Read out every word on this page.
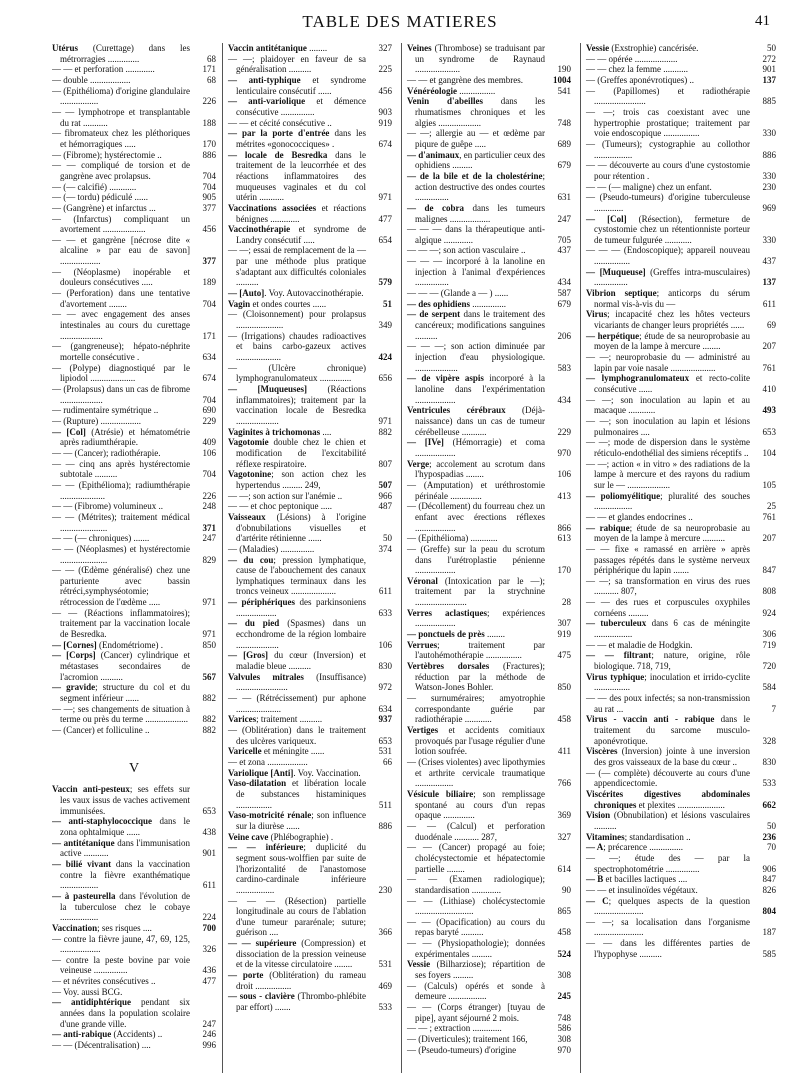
TABLE DES MATIERES	41
Utérus (Curettage) dans les métrorragies ..............	68
— — et perforation .............	171
— double ..................	68
— (Epithélioma) d'origine glandulaire .................	226
— — lymphotrope et transplantable du rat ...........	188
— fibromateux chez les pléthoriques et hémorragiques .....	170
— (Fibrome); hystérectomie ..	886
— — compliqué de torsion et de gangrène avec prolapsus.	704
— (— calcifié) ............	704
— (— tordu) pédiculé ......	905
— (Gangrène) et infarctus ...	377
— (Infarctus) compliquant un avortement ...................	456
— — et gangrène [nécrose dite « alcaline » par eau de savon] ..................	377
— (Néoplasme) inopérable et douleurs consécutives .....	189
— (Perforation) dans une tentative d'avortement ........	704
— — avec engagement des anses intestinales au cours du curettage ...................	171
— (gangreneuse); hépato-néphrite mortelle consécutive .	634
— (Polype) diagnostiqué par le lipiodol ....................	674
— (Prolapsus) dans un cas de fibrome ...................	704
— rudimentaire symétrique ..	690
— (Rupture) ..................	229
— [Col] (Atrésie) et hématométrie après radiumthérapie.	409
— — (Cancer); radiothérapie.	106
— — cinq ans après hystérectomie subtotale ..........	704
— — (Epithélioma); radiumthérapie ....................	226
— — (Fibrome) volumineux ..	248
— — (Métrites); traitement médical .....................	371
— — (— chroniques) .......	247
— — (Néoplasmes) et hystérectomie .....................	829
— — (Œdème généralisé) chez une parturiente avec bassin rétréci,symphyséotomie; rétrocession de l'œdème .....	971
— — (Réactions inflammatoires); traitement par la vaccination locale de Besredka.	971
— [Cornes] (Endométriome) .	850
— [Corps] (Cancer) cylindrique et métastases secondaires de l'acromion ..........	567
— gravide; structure du col et du segment inférieur ......	882
— —; ses changements de situation à terme ou près du terme ................... 882
— (Cancer) et folliculine ..	882
V
Vaccin anti-pesteux; ses effets sur les vaux issus de vaches activement immunisées.	653
— anti-staphylococcique dans le zona ophtalmique ......	438
— antitétanique dans l'immunisation active ...........	901
— bilié vivant dans la vaccination contre la fièvre exanthématique .................	611
— à pasteurella dans l'évolution de la tuberculose chez le cobaye .................	224
Vaccination; ses risques ....	700
— contre la fièvre jaune, 47, 69, 125, ..................	326
— contre la peste bovine par voie veineuse ...............	436
— et névrites consécutives ..	477
— Voy. aussi BCG.
— antidiphtérique pendant six années dans la population scolaire d'une grande ville.	247
— anti-rabique (Accidents) ..	246
— — (Décentralisation) ....	996
Vaccin antitétanique ........	327
— —; plaidoyer en faveur de sa généralisation ..........	225
— anti-typhique et syndrome lenticulaire consécutif ......	456
— anti-variolique et démence consécutive ...............	903
— — et cécité consécutive ..	919
— par la porte d'entrée dans les métrites «gonococciques» .	674
— locale de Besredka dans le traitement de la leucorrhée et des réactions inflammatoires des muqueuses vaginales et du col utérin ...........	971
Vaccinations associées et réactions bénignes .............	477
Vaccinothérapie et syndrome de Landry consécutif .....	654
— —; essai de remplacement de la — par une méthode plus pratique s'adaptant aux difficultés coloniales ..........	579
— [Auto]. Voy. Autovaccinothérapie.
Vagin et ondes courtes ......	51
— (Cloisonnement) pour prolapsus .....................	349
— (Irrigations) chaudes radioactives et bains carbo-gazeux actives ....................	424
— (Ulcère chronique) lymphogranulomateux ..............	656
— [Muqueuses] (Réactions inflammatoires); traitement par la vaccination locale de Besredka ...................	971
Vaginites à trichomonas ....	882
Vagotomie double chez le chien et modification de l'excitabilité réflexe respiratoire.	807
Vagotonine; son action chez les hypertendus ......... 249,	507
— —; son action sur l'anémie ..	966
— — et choc peptonique .....	487
Vaisseaux (Lésions) à l'origine d'obnubilations visuelles et d'artérite rétinienne ......	50
— (Maladies) ...............	374
— du cou; pression lymphatique, cause de l'abouchement des canaux lymphatiques terminaux dans les troncs veineux ....................	611
— périphériques des parkinsoniens ..................	633
— du pied (Spasmes) dans un ecchondrome de la région lombaire ...................	106
— [Gros] du cœur (Inversion) et maladie bleue ..........	830
Valvules mitrales (Insuffisance) .......................	972
— — (Rétrécissement) pur aphone ....................	634
Varices; traitement ..........	937
— (Oblitération) dans le traitement des ulcères variqueux.	653
Varicelle et méningite ......	531
— et zona ..................	66
Variolique [Anti]. Voy. Vaccination.
Vaso-dilatation et libération locale de substances histaminiques ................	511
Vaso-motricité rénale; son influence sur la diurèse ......	886
Veine cave (Phlébographie) .
— — inférieure; duplicité du segment sous-wolffien par suite de l'horizontalité de l'anastomose cardino-cardinale inférieure .................	230
— — — (Résection) partielle longitudinale au cours de l'ablation d'une tumeur pararénale; suture; guérison ....	366
— — supérieure (Compression) et dissociation de la pression veineuse et de la vitesse circulatoire ........	531
— porte (Oblitération) du rameau droit ................	469
— sous - clavière (Thrombo-phlébite par effort) .......	533
Veines (Thrombose) se traduisant par un syndrome de Raynaud ....................	190
— — et gangrène des membres.	1004
Vénéréologie ................	541
Venin d'abeilles dans les rhumatismes chroniques et les algies ...................	748
— —; allergie au — et œdème par piqure de guêpe .....	689
— d'animaux, en particulier ceux des ophidiens .........	679
— de la bile et de la cholestérine; action destructive des ondes courtes ...............	631
— de cobra dans les tumeurs malignes ..................	247
— — — dans la thérapeutique anti-algique .............	705
— — —; son action vasculaire ..	437
— — — incorporé à la lanoline en injection à l'animal d'expériences ...............	434
— — — (Glande a — ) ......	587
— des ophidiens ...............	679
— de serpent dans le traitement des cancéreux; modifications sanguines ..........	206
— — —; son action diminuée par injection d'eau physiologique. ...................	583
— de vipère aspis incorporé à la lanoline dans l'expérimentation ..................	434
Ventricules cérébraux (Déjà-naissance) dans un cas de tumeur cérébelleuse ...........	229
— [IVe] (Hémorragie) et coma ..................	970
Verge; accolement au scrotum dans l'hypospadias ........	106
— (Amputation) et uréthrostomie périnéale ..............	413
— (Décollement) du fourreau chez un enfant avec érections réflexes ..................	866
— (Epithélioma) ............	613
— (Greffe) sur la peau du scrotum dans l'urétroplastie pénienne ..................	170
Véronal (Intoxication par le —); traitement par la strychnine .......................	28
Verres aclastiques; expériences ..................	307
— ponctuels de près ........	919
Verrues; traitement par l'autohémothérapie ................	475
Vertèbres dorsales (Fractures); réduction par la méthode de Watson-Jones Bohler.	850
— surnuméraires; amyotrophie correspondante guérie par radiothérapie ............	458
Vertiges et accidents comitiaux provoqués par l'usage régulier d'une lotion soufrée.	411
— (Crises violentes) avec lipothymies et arthrite cervicale traumatique .................	766
Vésicule biliaire; son remplissage spontané au cours d'un repas opaque ..............	369
— — (Calcul) et perforation duodénale ........... 287,	327
— — (Cancer) propagé au foie; cholécystectomie et hépatectomie partielle ........	614
— — (Examen radiologique); standardisation .............	90
— — (Lithiase) cholécystectomie ..........................	865
— — (Opacification) au cours du repas baryté ..........	458
— — (Physiopathologie); données expérimentales .........	524
Vessie (Bilharziose); répartition de ses foyers .........	308
— (Calculs) opérés et sonde à demeure .................	245
— — (Corps étranger) [tuyau de pipe], ayant séjourné 2 mois.	748
— — ; extraction .............	586
— (Diverticules); traitement 166,	308
— (Pseudo-tumeurs) d'origine	970
Vessie (Exstrophie) cancérisée.	50
— — opérée ...................	272
— — chez la femme ...........	901
— (Greffes aponévrotiques) ..	137
— (Papillomes) et radiothérapie .......................	885
— —; trois cas coexistant avec une hypertrophie prostatique; traitement par voie endoscopique ................	330
— (Tumeurs); cystographie au collothor .................	886
— — découverte au cours d'une cystostomie pour rétention .	330
— — (— maligne) chez un enfant.	230
— (Pseudo-tumeurs) d'origine tuberculeuse .............	969
— [Col] (Résection), fermeture de cystostomie chez un rétentionniste porteur de tumeur fulgurée ............	330
— — — (Endoscopique); appareil nouveau ................	437
— [Muqueuse] (Greffes intra-musculaires) ...............	137
Vibrion septique; anticorps du sérum normal vis-à-vis du —	611
Virus; incapacité chez les hôtes vecteurs vicariants de changer leurs propriétés ......	69
— herpétique; étude de sa neuroprobasie au moyen de la lampe à mercure ........	207
— —; neuroprobasie du — administré au lapin par voie nasale ....................	761
— lymphogranulomateux et recto-colite consécutive ......	410
— —; son inoculation au lapin et au macaque ............	493
— —; son inoculation au lapin et lésions pulmonaires ....	653
— —; mode de dispersion dans le système réticulo-endothélial des simiens réceptifs .. 104
— —; action « in vitro » des radiations de la lampe à mercure et des rayons du radium sur le — ...................	105
— poliomyélitique; pluralité des souches .................	25
— — et glandes endocrines ..	761
— rabique; étude de sa neuroprobasie au moyen de la lampe à mercure ..........	207
— — fixe « ramassé en arrière » après passages répétés dans le système nerveux périphérique du lapin .......	847
— —; sa transformation en virus des rues ........... 807,	808
— — des rues et corpuscules oxyphiles cornéens .........	924
— tuberculeux dans 6 cas de méningite .................	306
— — et maladie de Hodgkin.	719
— — filtrant; nature, origine, rôle biologique. 718, 719,	720
Virus typhique; inoculation et irrido-cyclite ................	584
— — des poux infectés; sa non-transmission au rat ...	7
Virus - vaccin anti - rabique dans le traitement du sarcome musculo-aponévrotique.	328
Viscères (Inversion) jointe à une inversion des gros vaisseaux de la base du cœur ..	830
— (— complète) découverte au cours d'une appendicectomie.	533
Viscérites digestives abdominales chroniques et plexites .....................	662
Vision (Obnubilation) et lésions vasculaires ..........	50
Vitamines; standardisation ..	236
— A; précarence ...............	70
— —; étude des — par la spectrophotométrie ...............	906
— B et bacilles lactiques ....	847
— — et insulinoïdes végétaux.	826
— C; quelques aspects de la question ......................	804
— —; sa localisation dans l'organisme ......................	187
— — dans les différentes parties de l'hypophyse ..........	585
